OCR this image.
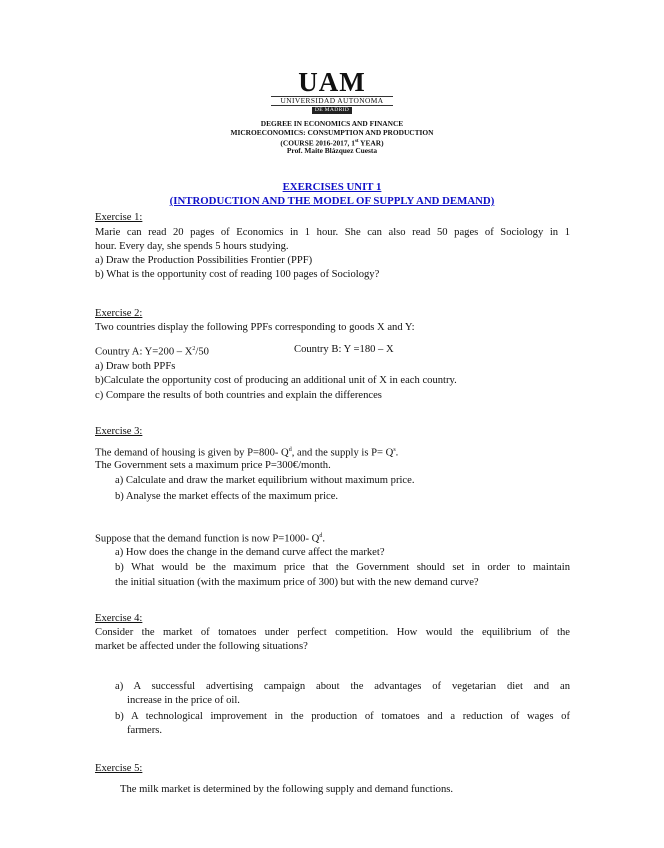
UAM
UNIVERSIDAD AUTONOMA
DE MADRID
DEGREE IN ECONOMICS AND FINANCE
MICROECONOMICS: CONSUMPTION AND PRODUCTION
(COURSE 2016-2017, 1st YEAR)
Prof. Maite Blázquez Cuesta
EXERCISES UNIT 1
(INTRODUCTION AND THE MODEL OF SUPPLY AND DEMAND)
Exercise 1:
Marie can read 20 pages of Economics in 1 hour. She can also read 50 pages of Sociology in 1
hour. Every day, she spends 5 hours studying.
a) Draw the Production Possibilities Frontier (PPF)
b) What is the opportunity cost of reading 100 pages of Sociology?
Exercise 2:
Two countries display the following PPFs corresponding to goods X and Y:
Country A: $Y=200 - X^2/50$	Country B: Y =180 – X
a) Draw both PPFs
b)Calculate the opportunity cost of producing an additional unit of X in each country.
c) Compare the results of both countries and explain the differences
Exercise 3:
The demand of housing is given by P=800- $Q^d$, and the supply is $P= Q^s$.
The Government sets a maximum price P=300€/month.
a) Calculate and draw the market equilibrium without maximum price.
b) Analyse the market effects of the maximum price.
Suppose that the demand function is now P=1000- $Q^d$.
a) How does the change in the demand curve affect the market?
b) What would be the maximum price that the Government should set in order to maintain
the initial situation (with the maximum price of 300) but with the new demand curve?
Exercise 4:
Consider the market of tomatoes under perfect competition. How would the equilibrium of the
market be affected under the following situations?
a) A successful advertising campaign about the advantages of vegetarian diet and an
increase in the price of oil.
b) A technological improvement in the production of tomatoes and a reduction of wages of
farmers.
Exercise 5:
The milk market is determined by the following supply and demand functions.
